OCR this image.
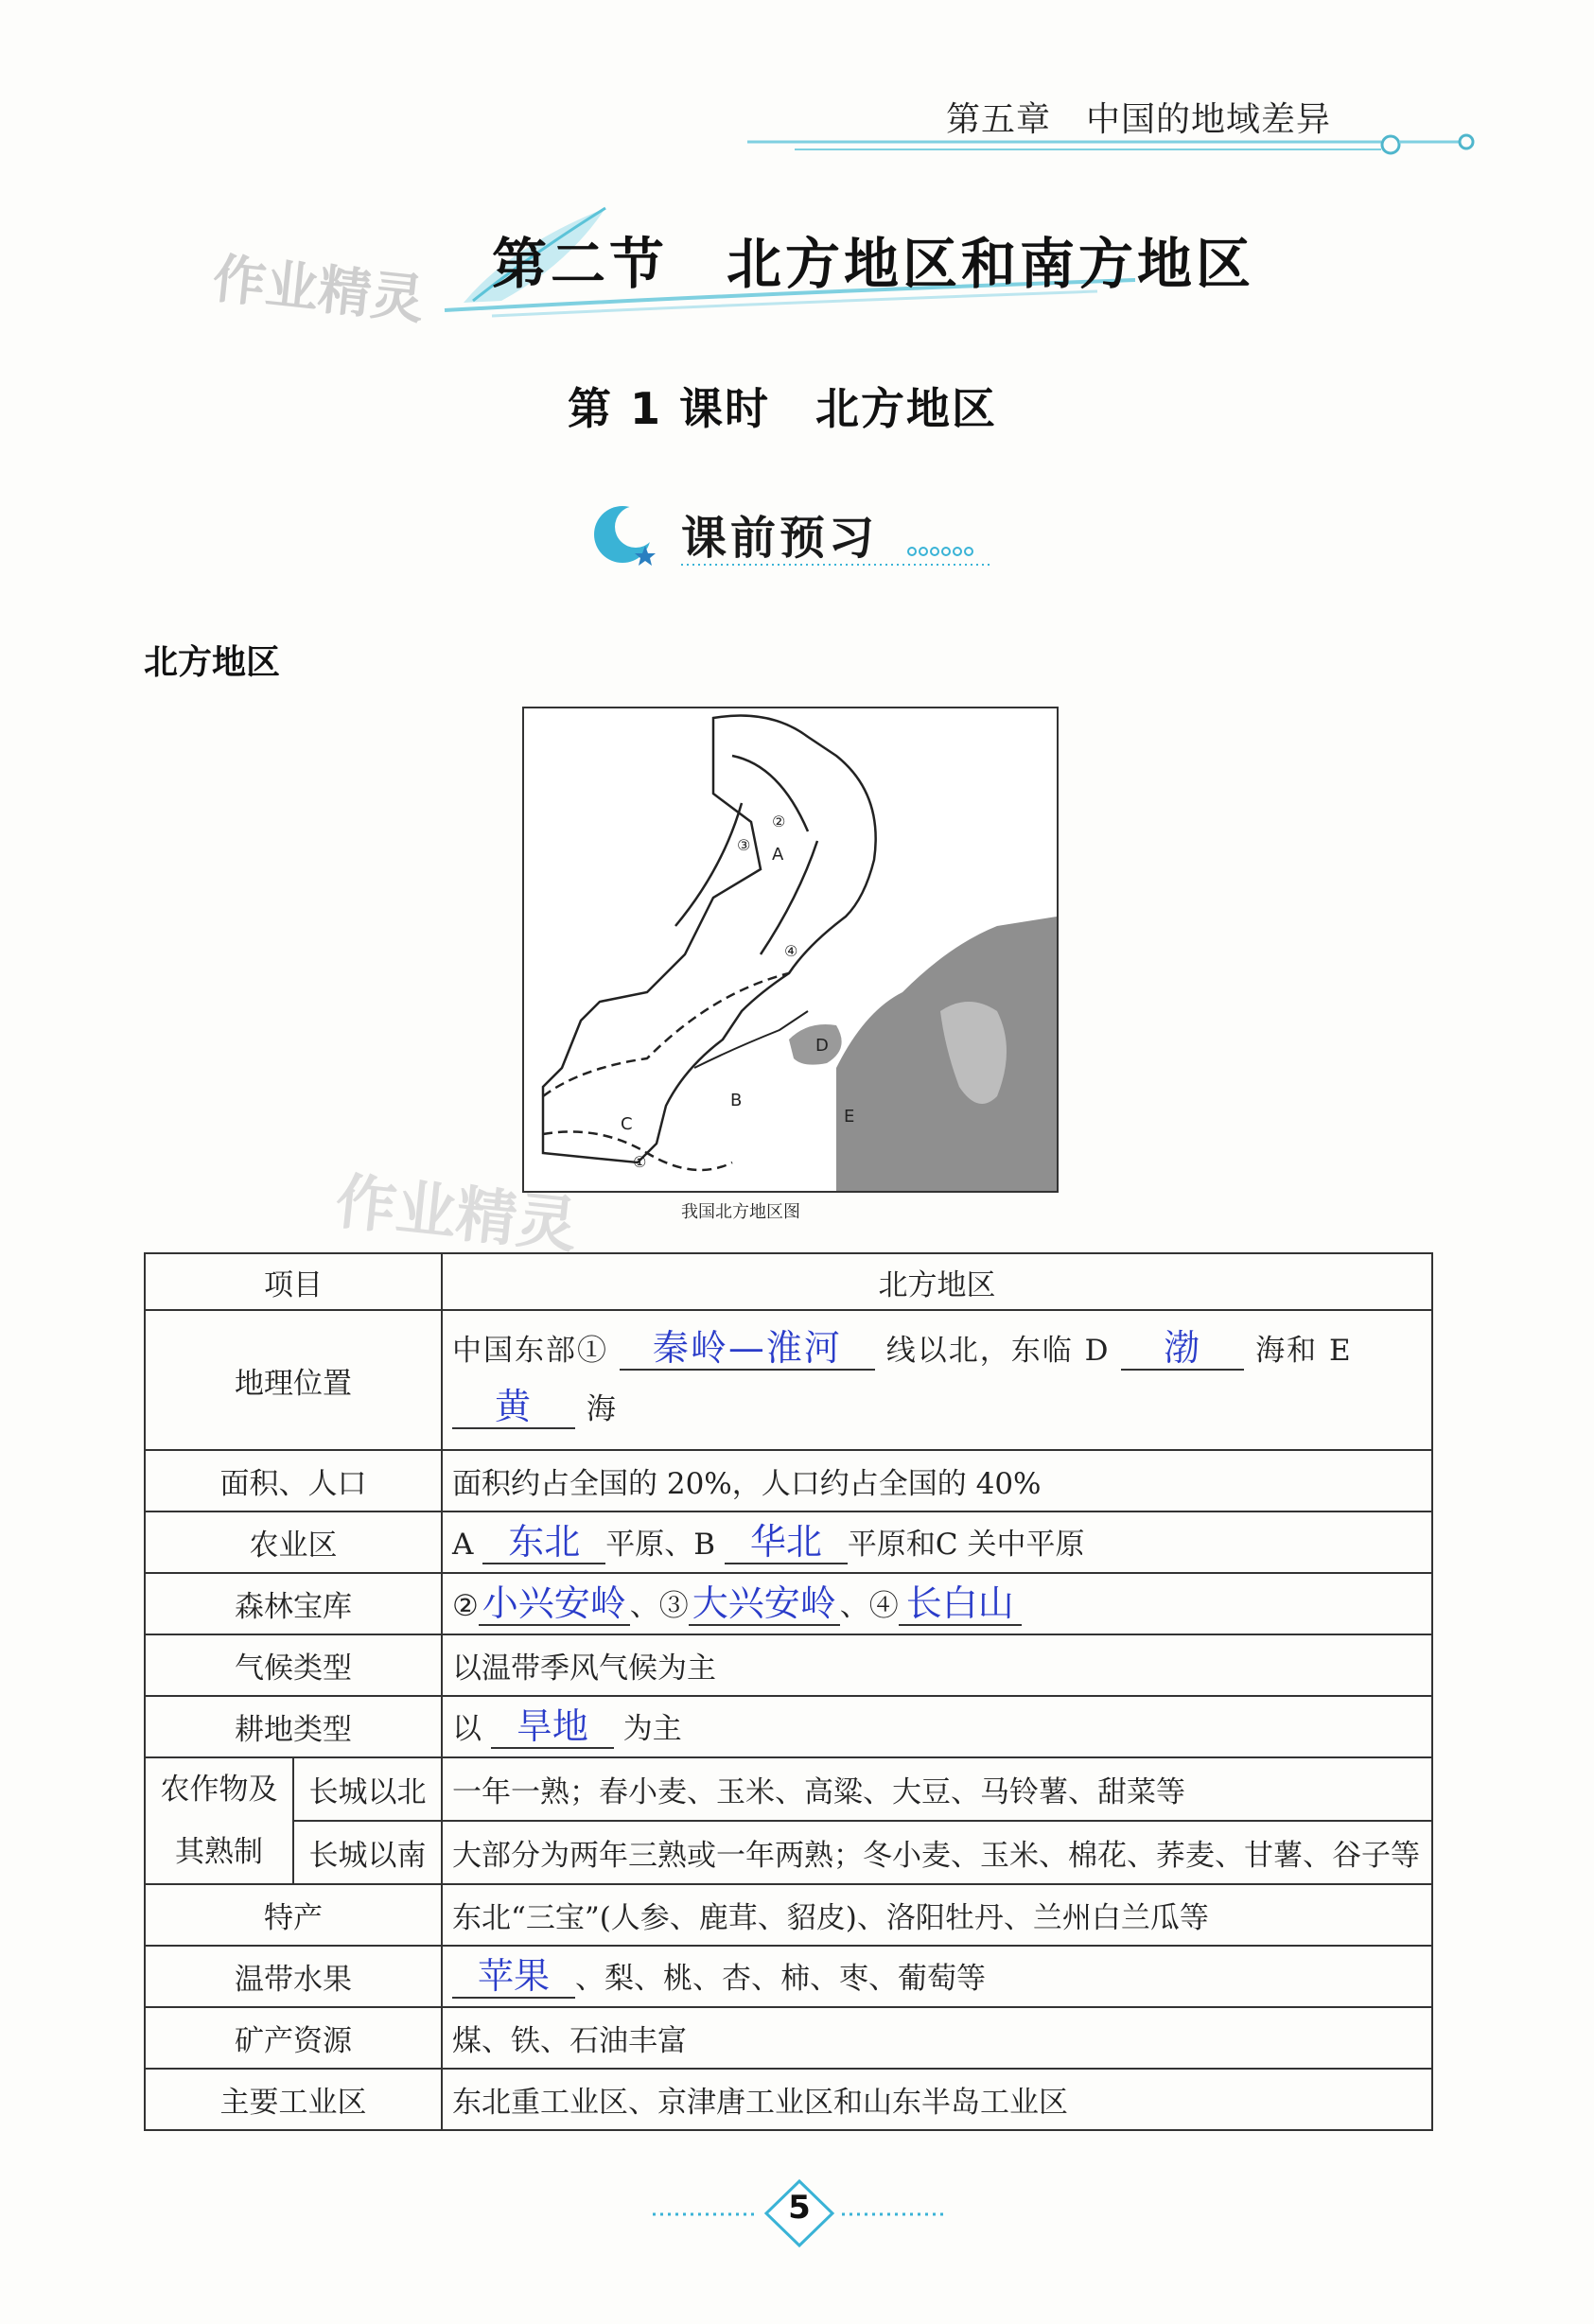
第五章　中国的地域差异
作业精灵 第二节　北方地区和南方地区
第 1 课时　北方地区
课前预习
北方地区
A
B
C
D
E
①
②
③
④
我国北方地区图
作业精灵
项目		北方地区
地理位置		中国东部① 秦岭—淮河 线以北，东临 D 渤 海和 E
黄 海
面积、人口		面积约占全国的 20%，人口约占全国的 40%
农业区		A 东北 平原、B 华北 平原和C 关中平原
森林宝库		② 小兴安岭 、③ 大兴安岭 、④ 长白山
气候类型		以温带季风气候为主
耕地类型		以 旱地 为主
农作物及
其熟制	长城以北	一年一熟；春小麦、玉米、高粱、大豆、马铃薯、甜菜等
	长城以南	大部分为两年三熟或一年两熟；冬小麦、玉米、棉花、荞麦、甘薯、谷子等
特产		东北“三宝”(人参、鹿茸、貂皮)、洛阳牡丹、兰州白兰瓜等
温带水果		苹果 、梨、桃、杏、柿、枣、葡萄等
矿产资源		煤、铁、石油丰富
主要工业区		东北重工业区、京津唐工业区和山东半岛工业区
5
